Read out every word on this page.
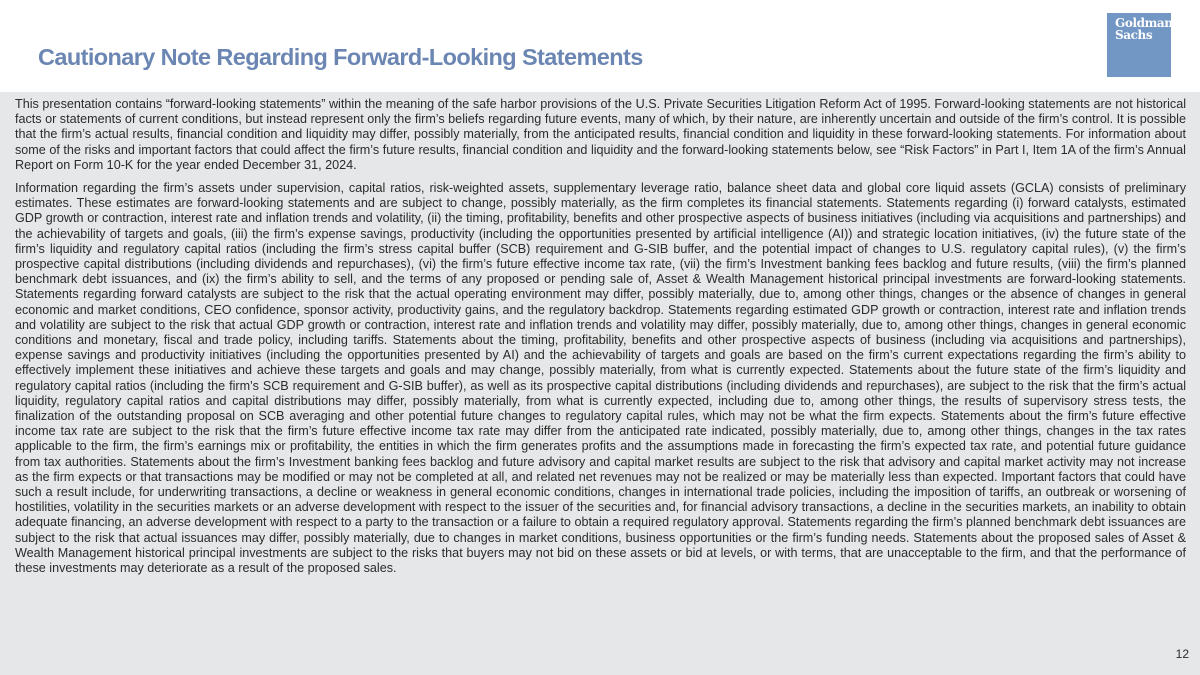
Cautionary Note Regarding Forward-Looking Statements
Goldman
Sachs

This presentation contains “forward-looking statements” within the meaning of the safe harbor provisions of the U.S. Private Securities Litigation Reform Act of 1995. Forward-looking statements are not historical facts or statements of current conditions, but instead represent only the firm’s beliefs regarding future events, many of which, by their nature, are inherently uncertain and outside of the firm’s control. It is possible that the firm’s actual results, financial condition and liquidity may differ, possibly materially, from the anticipated results, financial condition and liquidity in these forward-looking statements. For information about some of the risks and important factors that could affect the firm’s future results, financial condition and liquidity and the forward-looking statements below, see “Risk Factors” in Part I, Item 1A of the firm’s Annual Report on Form 10-K for the year ended December 31, 2024.

Information regarding the firm’s assets under supervision, capital ratios, risk-weighted assets, supplementary leverage ratio, balance sheet data and global core liquid assets (GCLA) consists of preliminary estimates. These estimates are forward-looking statements and are subject to change, possibly materially, as the firm completes its financial statements. Statements regarding (i) forward catalysts, estimated GDP growth or contraction, interest rate and inflation trends and volatility, (ii) the timing, profitability, benefits and other prospective aspects of business initiatives (including via acquisitions and partnerships) and the achievability of targets and goals, (iii) the firm’s expense savings, productivity (including the opportunities presented by artificial intelligence (AI)) and strategic location initiatives, (iv) the future state of the firm’s liquidity and regulatory capital ratios (including the firm’s stress capital buffer (SCB) requirement and G-SIB buffer, and the potential impact of changes to U.S. regulatory capital rules), (v) the firm’s prospective capital distributions (including dividends and repurchases), (vi) the firm’s future effective income tax rate, (vii) the firm’s Investment banking fees backlog and future results, (viii) the firm’s planned benchmark debt issuances, and (ix) the firm’s ability to sell, and the terms of any proposed or pending sale of, Asset & Wealth Management historical principal investments are forward-looking statements. Statements regarding forward catalysts are subject to the risk that the actual operating environment may differ, possibly materially, due to, among other things, changes or the absence of changes in general economic and market conditions, CEO confidence, sponsor activity, productivity gains, and the regulatory backdrop. Statements regarding estimated GDP growth or contraction, interest rate and inflation trends and volatility are subject to the risk that actual GDP growth or contraction, interest rate and inflation trends and volatility may differ, possibly materially, due to, among other things, changes in general economic conditions and monetary, fiscal and trade policy, including tariffs. Statements about the timing, profitability, benefits and other prospective aspects of business (including via acquisitions and partnerships), expense savings and productivity initiatives (including the opportunities presented by AI) and the achievability of targets and goals are based on the firm’s current expectations regarding the firm’s ability to effectively implement these initiatives and achieve these targets and goals and may change, possibly materially, from what is currently expected. Statements about the future state of the firm’s liquidity and regulatory capital ratios (including the firm’s SCB requirement and G-SIB buffer), as well as its prospective capital distributions (including dividends and repurchases), are subject to the risk that the firm’s actual liquidity, regulatory capital ratios and capital distributions may differ, possibly materially, from what is currently expected, including due to, among other things, the results of supervisory stress tests, the finalization of the outstanding proposal on SCB averaging and other potential future changes to regulatory capital rules, which may not be what the firm expects. Statements about the firm’s future effective income tax rate are subject to the risk that the firm’s future effective income tax rate may differ from the anticipated rate indicated, possibly materially, due to, among other things, changes in the tax rates applicable to the firm, the firm’s earnings mix or profitability, the entities in which the firm generates profits and the assumptions made in forecasting the firm’s expected tax rate, and potential future guidance from tax authorities. Statements about the firm’s Investment banking fees backlog and future advisory and capital market results are subject to the risk that advisory and capital market activity may not increase as the firm expects or that transactions may be modified or may not be completed at all, and related net revenues may not be realized or may be materially less than expected. Important factors that could have such a result include, for underwriting transactions, a decline or weakness in general economic conditions, changes in international trade policies, including the imposition of tariffs, an outbreak or worsening of hostilities, volatility in the securities markets or an adverse development with respect to the issuer of the securities and, for financial advisory transactions, a decline in the securities markets, an inability to obtain adequate financing, an adverse development with respect to a party to the transaction or a failure to obtain a required regulatory approval. Statements regarding the firm’s planned benchmark debt issuances are subject to the risk that actual issuances may differ, possibly materially, due to changes in market conditions, business opportunities or the firm’s funding needs. Statements about the proposed sales of Asset & Wealth Management historical principal investments are subject to the risks that buyers may not bid on these assets or bid at levels, or with terms, that are unacceptable to the firm, and that the performance of these investments may deteriorate as a result of the proposed sales.

12
